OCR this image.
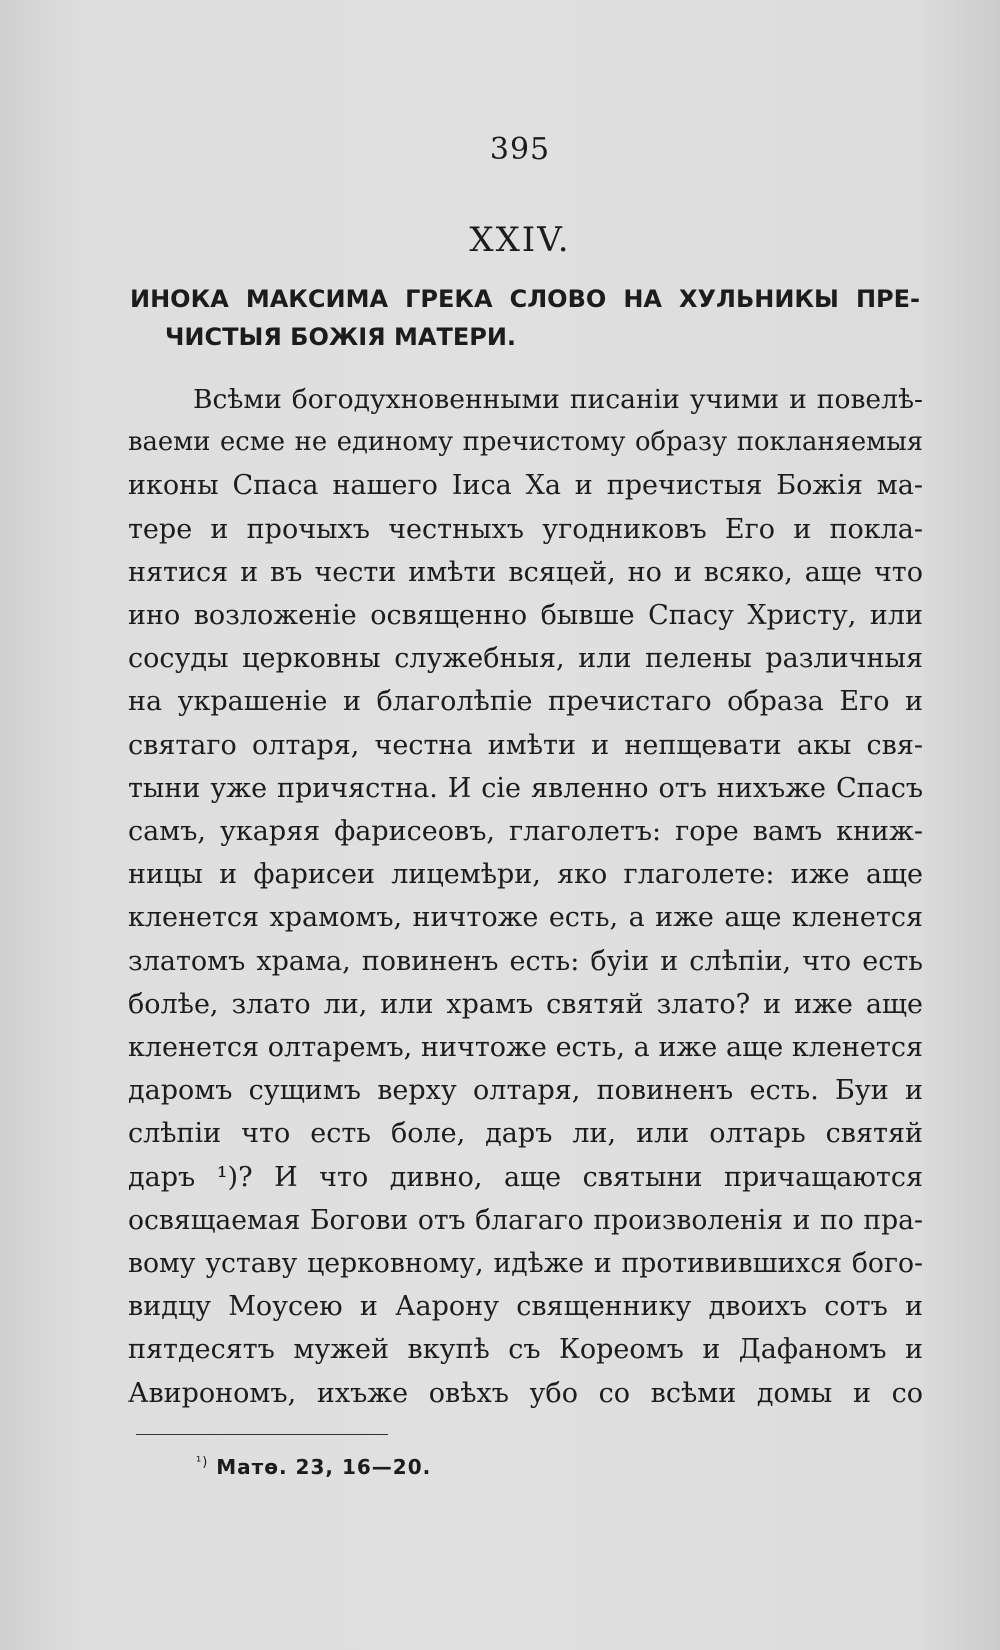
395
XXIV.
ИНОКА МАКСИМА ГРЕКА СЛОВО НА ХУЛЬНИКЫ ПРЕ-
ЧИСТЫЯ БОЖІЯ МАТЕРИ.
Всѣми богодухновенными писаніи учими и повелѣ-
ваеми есме не единому пречистому образу покланяемыя
иконы Спаса нашего Іиса Ха и пречистыя Божія ма-
тере и прочыхъ честныхъ угодниковъ Его и покла-
нятися и въ чести имѣти всяцей, но и всяко, аще что
ино возложеніе освященно бывше Спасу Христу, или
сосуды церковны служебныя, или пелены различныя
на украшеніе и благолѣпіе пречистаго образа Его и
святаго олтаря, честна имѣти и непщевати акы свя-
тыни уже причястна. И сіе явленно отъ нихъже Спасъ
самъ, укаряя фарисеовъ, глаголетъ: горе вамъ книж-
ницы и фарисеи лицемѣри, яко глаголете: иже аще
кленется храмомъ, ничтоже есть, а иже аще кленется
златомъ храма, повиненъ есть: буіи и слѣпіи, что есть
болѣе, злато ли, или храмъ святяй злато? и иже аще
кленется олтаремъ, ничтоже есть, а иже аще кленется
даромъ сущимъ верху олтаря, повиненъ есть. Буи и
слѣпіи что есть боле, даръ ли, или олтарь святяй
даръ ¹)? И что дивно, аще святыни причащаются
освящаемая Богови отъ благаго произволенія и по пра-
вому уставу церковному, идѣже и противившихся бого-
видцу Моусею и Аарону священнику двоихъ сотъ и
пятдесятъ мужей вкупѣ съ Кореомъ и Дафаномъ и
Авирономъ, ихъже овѣхъ убо со всѣми домы и со
$^{^1)}$ Матѳ. 23, 16—20.
